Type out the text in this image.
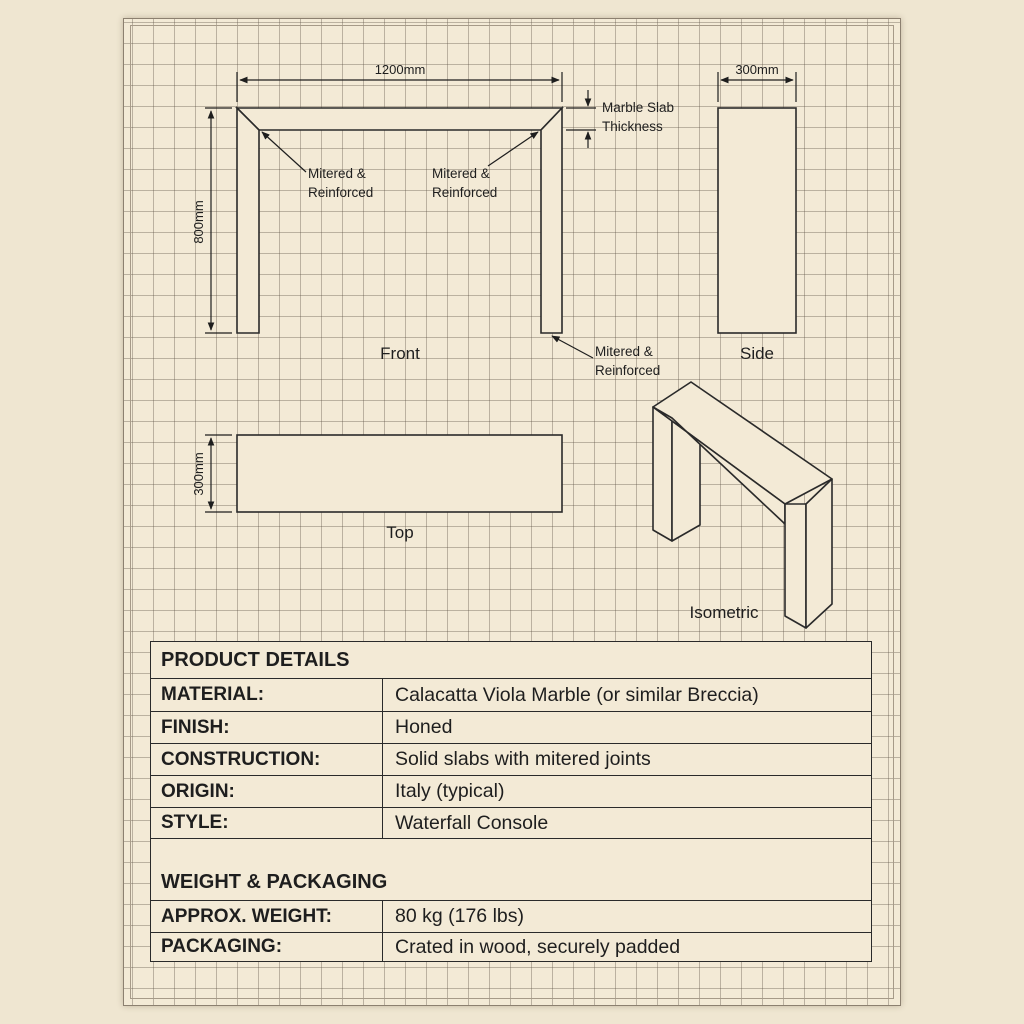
1200mm
800mm
Marble Slab
Thickness
Mitered &
Reinforced
Mitered &
Reinforced
Mitered &
Reinforced
Front
300mm
Side
300mm
Top
Isometric
PRODUCT DETAILS
MATERIAL:	Calacatta Viola Marble (or similar Breccia)
FINISH:	Honed
CONSTRUCTION:	Solid slabs with mitered joints
ORIGIN:	Italy (typical)
STYLE:	Waterfall Console
WEIGHT & PACKAGING
APPROX. WEIGHT:	80 kg (176 lbs)
PACKAGING:	Crated in wood, securely padded
